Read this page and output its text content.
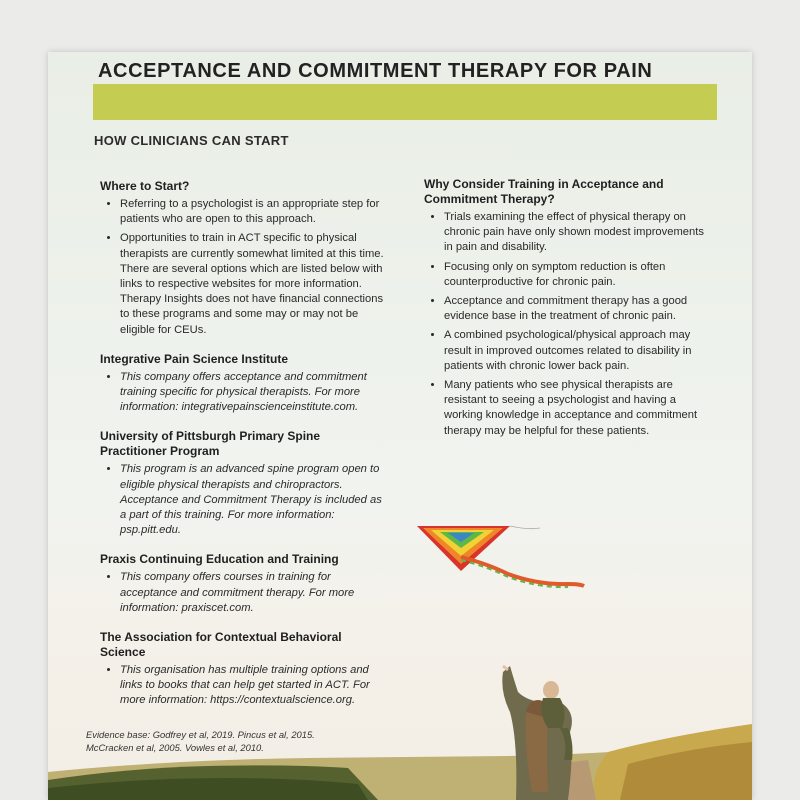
ACCEPTANCE AND COMMITMENT THERAPY FOR PAIN
HOW CLINICIANS CAN START
Where to Start?
• Referring to a psychologist is an appropriate step for patients who are open to this approach.
• Opportunities to train in ACT specific to physical therapists are currently somewhat limited at this time. There are several options which are listed below with links to respective websites for more information. Therapy Insights does not have financial connections to these programs and some may or may not be eligible for CEUs.
Integrative Pain Science Institute
• This company offers acceptance and commitment training specific for physical therapists. For more information: integrativepainscienceinstitute.com.
University of Pittsburgh Primary Spine Practitioner Program
• This program is an advanced spine program open to eligible physical therapists and chiropractors. Acceptance and Commitment Therapy is included as a part of this training. For more information: psp.pitt.edu.
Praxis Continuing Education and Training
• This company offers courses in training for acceptance and commitment therapy. For more information: praxiscet.com.
The Association for Contextual Behavioral Science
• This organisation has multiple training options and links to books that can help get started in ACT. For more information: https://contextualscience.org.
Why Consider Training in Acceptance and Commitment Therapy?
• Trials examining the effect of physical therapy on chronic pain have only shown modest improvements in pain and disability.
• Focusing only on symptom reduction is often counterproductive for chronic pain.
• Acceptance and commitment therapy has a good evidence base in the treatment of chronic pain.
• A combined psychological/physical approach may result in improved outcomes related to disability in patients with chronic lower back pain.
• Many patients who see physical therapists are resistant to seeing a psychologist and having a working knowledge in acceptance and commitment therapy may be helpful for these patients.
Evidence base: Godfrey et al, 2019. Pincus et al, 2015.
McCracken et al, 2005. Vowles et al, 2010.
